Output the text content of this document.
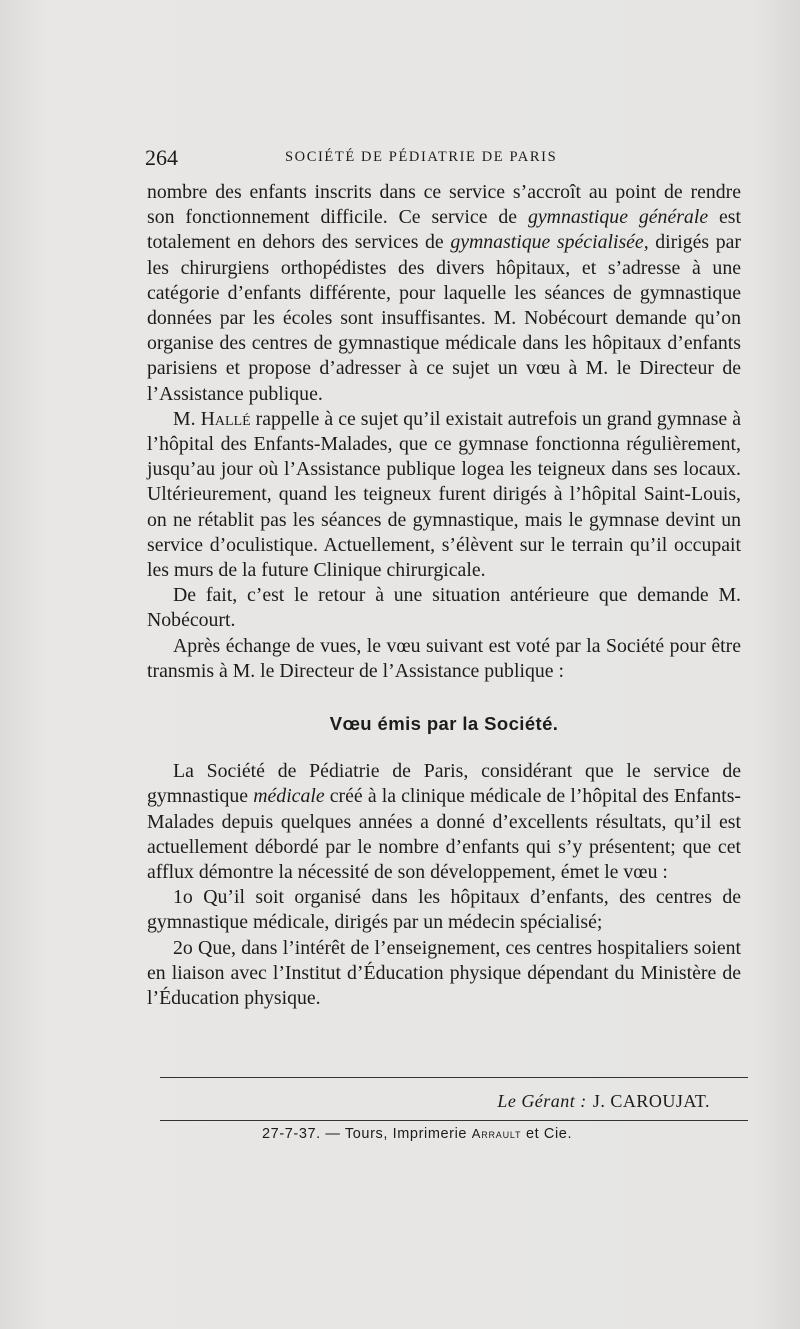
264	SOCIÉTÉ DE PÉDIATRIE DE PARIS

nombre des enfants inscrits dans ce service s’accroît au point de rendre son fonctionnement difficile. Ce service de gymnastique générale est totalement en dehors des services de gymnastique spécialisée, dirigés par les chirurgiens orthopédistes des divers hôpitaux, et s’adresse à une catégorie d’enfants différente, pour laquelle les séances de gymnastique données par les écoles sont insuffisantes. M. Nobécourt demande qu’on organise des centres de gymnastique médicale dans les hôpitaux d’enfants parisiens et propose d’adresser à ce sujet un vœu à M. le Directeur de l’Assistance publique.

M. Hallé rappelle à ce sujet qu’il existait autrefois un grand gymnase à l’hôpital des Enfants-Malades, que ce gymnase fonctionna régulièrement, jusqu’au jour où l’Assistance publique logea les teigneux dans ses locaux. Ultérieurement, quand les teigneux furent dirigés à l’hôpital Saint-Louis, on ne rétablit pas les séances de gymnastique, mais le gymnase devint un service d’oculistique. Actuellement, s’élèvent sur le terrain qu’il occupait les murs de la future Clinique chirurgicale.

De fait, c’est le retour à une situation antérieure que demande M. Nobécourt.

Après échange de vues, le vœu suivant est voté par la Société pour être transmis à M. le Directeur de l’Assistance publique :

Vœu émis par la Société.

La Société de Pédiatrie de Paris, considérant que le service de gymnastique médicale créé à la clinique médicale de l’hôpital des Enfants-Malades depuis quelques années a donné d’excellents résultats, qu’il est actuellement débordé par le nombre d’enfants qui s’y présentent; que cet afflux démontre la nécessité de son développement, émet le vœu :

1o Qu’il soit organisé dans les hôpitaux d’enfants, des centres de gymnastique médicale, dirigés par un médecin spécialisé;

2o Que, dans l’intérêt de l’enseignement, ces centres hospitaliers soient en liaison avec l’Institut d’Éducation physique dépendant du Ministère de l’Éducation physique.

Le Gérant : J. CAROUJAT.
27-7-37. — Tours, Imprimerie Arrault et Cie.
